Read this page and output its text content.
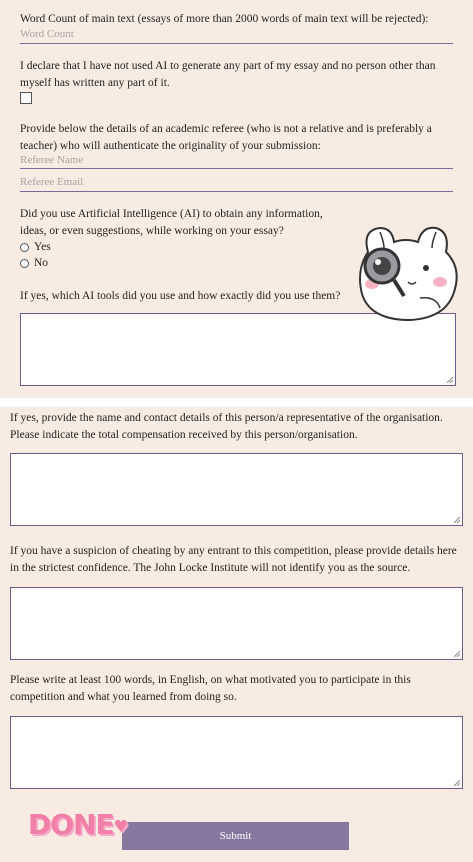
Word Count of main text (essays of more than 2000 words of main text will be rejected):
Word Count
I declare that I have not used AI to generate any part of my essay and no person other than myself has written any part of it.
Provide below the details of an academic referee (who is not a relative and is preferably a teacher) who will authenticate the originality of your submission:
Referee Name
Referee Email
Did you use Artificial Intelligence (AI) to obtain any information, ideas, or even suggestions, while working on your essay?
Yes
No
If yes, which AI tools did you use and how exactly did you use them?
If yes, provide the name and contact details of this person/a representative of the organisation. Please indicate the total compensation received by this person/organisation.
If you have a suspicion of cheating by any entrant to this competition, please provide details here in the strictest confidence. The John Locke Institute will not identify you as the source.
Please write at least 100 words, in English, on what motivated you to participate in this competition and what you learned from doing so.
Submit
DONE♥
